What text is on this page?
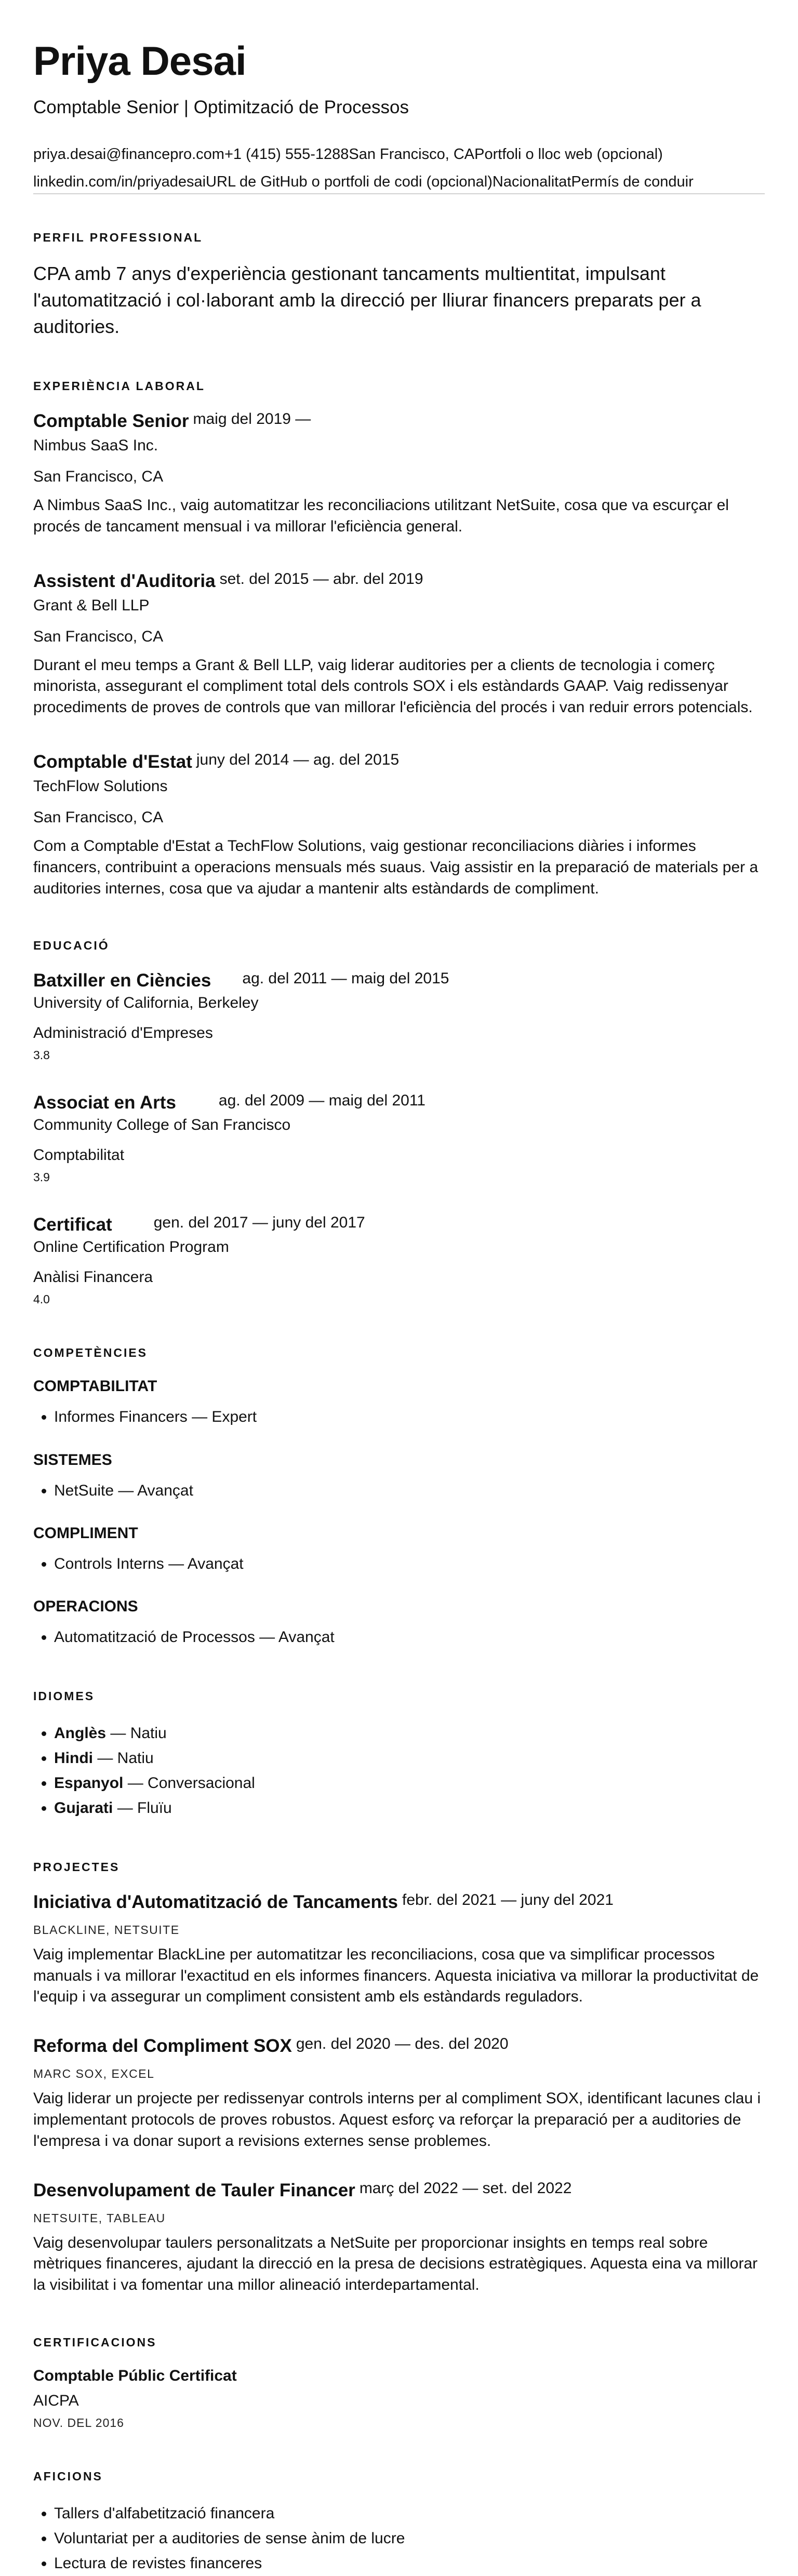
Priya Desai
Comptable Senior | Optimització de Processos
priya.desai@financepro.com+1 (415) 555-1288San Francisco, CAPortfoli o lloc web (opcional)
linkedin.com/in/priyadesaiURL de GitHub o portfoli de codi (opcional)NacionalitatPermís de conduir
PERFIL PROFESSIONAL
CPA amb 7 anys d'experiència gestionant tancaments multientitat, impulsant l'automatització i col·laborant amb la direcció per lliurar financers preparats per a auditories.
EXPERIÈNCIA LABORAL
Comptable Senior maig del 2019 —
Nimbus SaaS Inc.
San Francisco, CA
A Nimbus SaaS Inc., vaig automatitzar les reconciliacions utilitzant NetSuite, cosa que va escurçar el procés de tancament mensual i va millorar l'eficiència general.
Assistent d'Auditoria set. del 2015 — abr. del 2019
Grant & Bell LLP
San Francisco, CA
Durant el meu temps a Grant & Bell LLP, vaig liderar auditories per a clients de tecnologia i comerç minorista, assegurant el compliment total dels controls SOX i els estàndards GAAP. Vaig redissenyar procediments de proves de controls que van millorar l'eficiència del procés i van reduir errors potencials.
Comptable d'Estat juny del 2014 — ag. del 2015
TechFlow Solutions
San Francisco, CA
Com a Comptable d'Estat a TechFlow Solutions, vaig gestionar reconciliacions diàries i informes financers, contribuint a operacions mensuals més suaus. Vaig assistir en la preparació de materials per a auditories internes, cosa que va ajudar a mantenir alts estàndards de compliment.
EDUCACIÓ
Batxiller en Ciències ag. del 2011 — maig del 2015
University of California, Berkeley
Administració d'Empreses
3.8
Associat en Arts	ag. del 2009 — maig del 2011
Community College of San Francisco
Comptabilitat
3.9
Certificat	gen. del 2017 — juny del 2017
Online Certification Program
Anàlisi Financera
4.0
COMPETÈNCIES
COMPTABILITAT
• Informes Financers — Expert
SISTEMES
• NetSuite — Avançat
COMPLIMENT
• Controls Interns — Avançat
OPERACIONS
• Automatització de Processos — Avançat
IDIOMES
• Anglès — Natiu
• Hindi — Natiu
• Espanyol — Conversacional
• Gujarati — Fluïu
PROJECTES
Iniciativa d'Automatització de Tancaments febr. del 2021 — juny del 2021
BLACKLINE, NETSUITE
Vaig implementar BlackLine per automatitzar les reconciliacions, cosa que va simplificar processos manuals i va millorar l'exactitud en els informes financers. Aquesta iniciativa va millorar la productivitat de l'equip i va assegurar un compliment consistent amb els estàndards reguladors.
Reforma del Compliment SOX gen. del 2020 — des. del 2020
MARC SOX, EXCEL
Vaig liderar un projecte per redissenyar controls interns per al compliment SOX, identificant lacunes clau i implementant protocols de proves robustos. Aquest esforç va reforçar la preparació per a auditories de l'empresa i va donar suport a revisions externes sense problemes.
Desenvolupament de Tauler Financer març del 2022 — set. del 2022
NETSUITE, TABLEAU
Vaig desenvolupar taulers personalitzats a NetSuite per proporcionar insights en temps real sobre mètriques financeres, ajudant la direcció en la presa de decisions estratègiques. Aquesta eina va millorar la visibilitat i va fomentar una millor alineació interdepartamental.
CERTIFICACIONS
Comptable Públic Certificat
AICPA
NOV. DEL 2016
AFICIONS
• Tallers d'alfabetització financera
• Voluntariat per a auditories de sense ànim de lucre
• Lectura de revistes financeres
